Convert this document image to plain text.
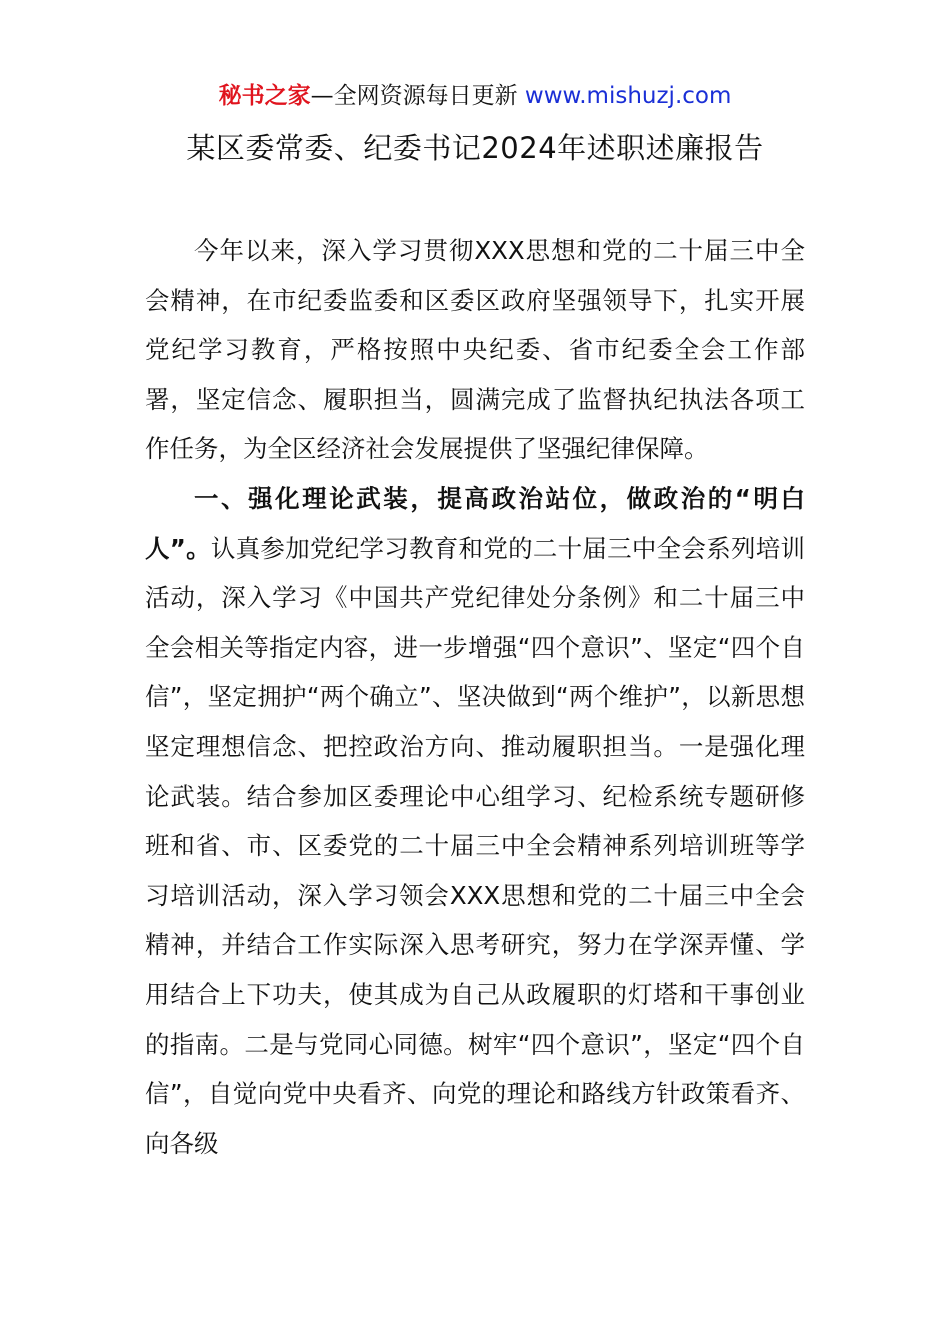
秘书之家—全网资源每日更新 www.mishuzj.com
某区委常委、纪委书记2024年述职述廉报告

今年以来，深入学习贯彻XXX思想和党的二十届三中全会精神，在市纪委监委和区委区政府坚强领导下，扎实开展党纪学习教育，严格按照中央纪委、省市纪委全会工作部署，坚定信念、履职担当，圆满完成了监督执纪执法各项工作任务，为全区经济社会发展提供了坚强纪律保障。

一、强化理论武装，提高政治站位，做政治的“明白人”。认真参加党纪学习教育和党的二十届三中全会系列培训活动，深入学习《中国共产党纪律处分条例》和二十届三中全会相关等指定内容，进一步增强“四个意识”、坚定“四个自信”，坚定拥护“两个确立”、坚决做到“两个维护”，以新思想坚定理想信念、把控政治方向、推动履职担当。一是强化理论武装。结合参加区委理论中心组学习、纪检系统专题研修班和省、市、区委党的二十届三中全会精神系列培训班等学习培训活动，深入学习领会XXX思想和党的二十届三中全会精神，并结合工作实际深入思考研究，努力在学深弄懂、学用结合上下功夫，使其成为自己从政履职的灯塔和干事创业的指南。二是与党同心同德。树牢“四个意识”，坚定“四个自信”，自觉向党中央看齐、向党的理论和路线方针政策看齐、向各级
